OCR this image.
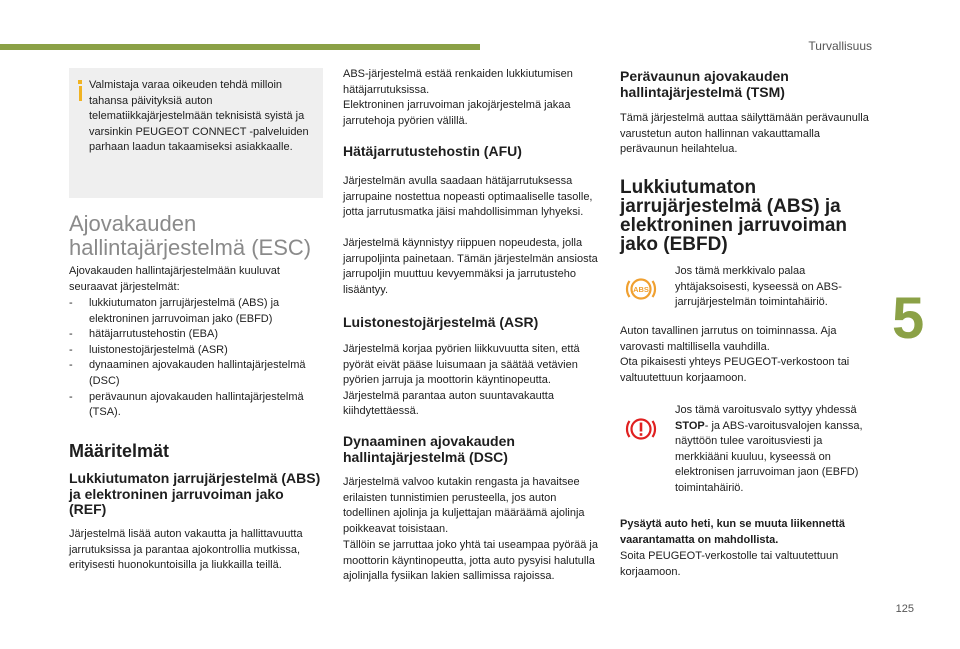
Turvallisuus
5
125
Valmistaja varaa oikeuden tehdä milloin tahansa päivityksiä auton telematiikkajärjestelmään teknisistä syistä ja varsinkin PEUGEOT CONNECT -palveluiden parhaan laadun takaamiseksi asiakkaalle.
Ajovakauden hallintajärjestelmä (ESC)

Ajovakauden hallintajärjestelmään kuuluvat seuraavat järjestelmät:

- lukkiutumaton jarrujärjestelmä (ABS) ja elektroninen jarruvoiman jako (EBFD)
- hätäjarrutustehostin (EBA)
- luistonestojärjestelmä (ASR)
- dynaaminen ajovakauden hallintajärjestelmä (DSC)
- perävaunun ajovakauden hallintajärjestelmä (TSA).
Määritelmät
Lukkiutumaton jarrujärjestelmä (ABS) ja elektroninen jarruvoiman jako (REF)

Järjestelmä lisää auton vakautta ja hallittavuutta jarrutuksissa ja parantaa ajokontrollia mutkissa, erityisesti huonokuntoisilla ja liukkailla teillä.

ABS-järjestelmä estää renkaiden lukkiutumisen hätäjarrutuksissa.

Elektroninen jarruvoiman jakojärjestelmä jakaa jarrutehoja pyörien välillä.

Hätäjarrutustehostin (AFU)

Järjestelmän avulla saadaan hätäjarrutuksessa jarrupaine nostettua nopeasti optimaaliselle tasolle, jotta jarrutusmatka jäisi mahdollisimman lyhyeksi.

Järjestelmä käynnistyy riippuen nopeudesta, jolla jarrupoljinta painetaan. Tämän järjestelmän ansiosta jarrupoljin muuttuu kevyemmäksi ja jarrutusteho lisääntyy.

Luistonestojärjestelmä (ASR)

Järjestelmä korjaa pyörien liikkuvuutta siten, että pyörät eivät pääse luisumaan ja säätää vetävien pyörien jarruja ja moottorin käyntinopeutta. Järjestelmä parantaa auton suuntavakautta kiihdytettäessä.

Dynaaminen ajovakauden hallintajärjestelmä (DSC)

Järjestelmä valvoo kutakin rengasta ja havaitsee erilaisten tunnistimien perusteella, jos auton todellinen ajolinja ja kuljettajan määräämä ajolinja poikkeavat toisistaan.

Tällöin se jarruttaa joko yhtä tai useampaa pyörää ja moottorin käyntinopeutta, jotta auto pysyisi halutulla ajolinjalla fysiikan lakien sallimissa rajoissa.

Perävaunun ajovakauden hallintajärjestelmä (TSM)

Tämä järjestelmä auttaa säilyttämään perävaunulla varustetun auton hallinnan vakauttamalla perävaunun heilahtelua.

Lukkiutumaton jarrujärjestelmä (ABS) ja elektroninen jarruvoiman jako (EBFD)
ABS

Jos tämä merkkivalo palaa yhtäjaksoisesti, kyseessä on ABS-jarrujärjestelmän toimintahäiriö.

Auton tavallinen jarrutus on toiminnassa. Aja varovasti maltillisella vauhdilla.

Ota pikaisesti yhteys PEUGEOT-verkostoon tai valtuutettuun korjaamoon.

Jos tämä varoitusvalo syttyy yhdessä STOP- ja ABS-varoitusvalojen kanssa, näyttöön tulee varoitusviesti ja merkkiääni kuuluu, kyseessä on elektronisen jarruvoiman jaon (EBFD) toimintahäiriö.

Pysäytä auto heti, kun se muuta liikennettä vaarantamatta on mahdollista.

Soita PEUGEOT-verkostolle tai valtuutettuun korjaamoon.
